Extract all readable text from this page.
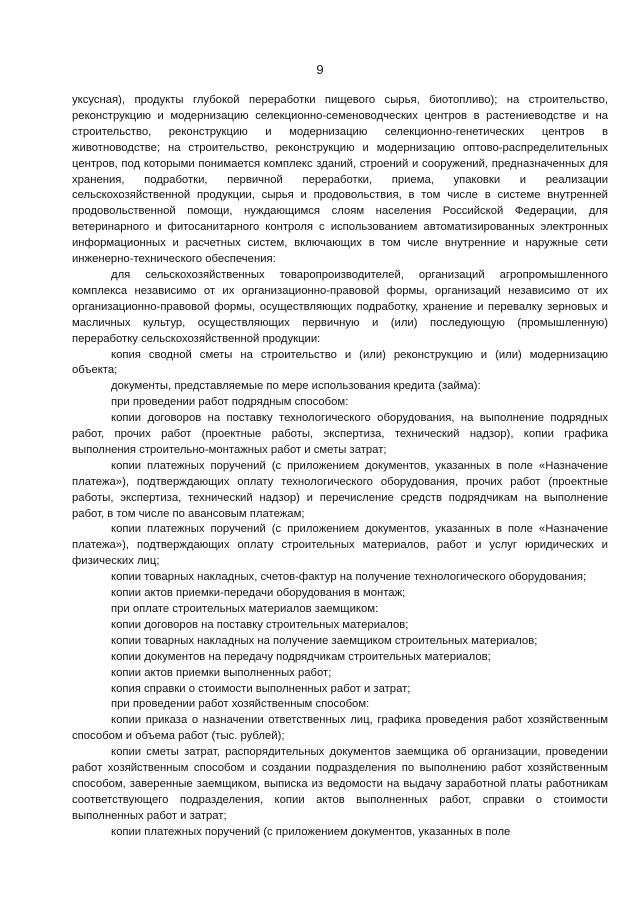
9

уксусная), продукты глубокой переработки пищевого сырья, биотопливо); на строительство, реконструкцию и модернизацию селекционно-семеноводческих центров в растениеводстве и на строительство, реконструкцию и модернизацию селекционно-генетических центров в животноводстве; на строительство, реконструкцию и модернизацию оптово-распределительных центров, под которыми понимается комплекс зданий, строений и сооружений, предназначенных для хранения, подработки, первичной переработки, приема, упаковки и реализации сельскохозяйственной продукции, сырья и продовольствия, в том числе в системе внутренней продовольственной помощи, нуждающимся слоям населения Российской Федерации, для ветеринарного и фитосанитарного контроля с использованием автоматизированных электронных информационных и расчетных систем, включающих в том числе внутренние и наружные сети инженерно-технического обеспечения:

для сельскохозяйственных товаропроизводителей, организаций агропромышленного комплекса независимо от их организационно-правовой формы, организаций независимо от их организационно-правовой формы, осуществляющих подработку, хранение и перевалку зерновых и масличных культур, осуществляющих первичную и (или) последующую (промышленную) переработку сельскохозяйственной продукции:

копия сводной сметы на строительство и (или) реконструкцию и (или) модернизацию объекта;

документы, представляемые по мере использования кредита (займа):

при проведении работ подрядным способом:

копии договоров на поставку технологического оборудования, на выполнение подрядных работ, прочих работ (проектные работы, экспертиза, технический надзор), копии графика выполнения строительно-монтажных работ и сметы затрат;

копии платежных поручений (с приложением документов, указанных в поле «Назначение платежа»), подтверждающих оплату технологического оборудования, прочих работ (проектные работы, экспертиза, технический надзор) и перечисление средств подрядчикам на выполнение работ, в том числе по авансовым платежам;

копии платежных поручений (с приложением документов, указанных в поле «Назначение платежа»), подтверждающих оплату строительных материалов, работ и услуг юридических и физических лиц;

копии товарных накладных, счетов-фактур на получение технологического оборудования;

копии актов приемки-передачи оборудования в монтаж;

при оплате строительных материалов заемщиком:

копии договоров на поставку строительных материалов;

копии товарных накладных на получение заемщиком строительных материалов;

копии документов на передачу подрядчикам строительных материалов;

копии актов приемки выполненных работ;

копия справки о стоимости выполненных работ и затрат;

при проведении работ хозяйственным способом:

копии приказа о назначении ответственных лиц, графика проведения работ хозяйственным способом и объема работ (тыс. рублей);

копии сметы затрат, распорядительных документов заемщика об организации, проведении работ хозяйственным способом и создании подразделения по выполнению работ хозяйственным способом, заверенные заемщиком, выписка из ведомости на выдачу заработной платы работникам соответствующего подразделения, копии актов выполненных работ, справки о стоимости выполненных работ и затрат;

копии платежных поручений (с приложением документов, указанных в поле
